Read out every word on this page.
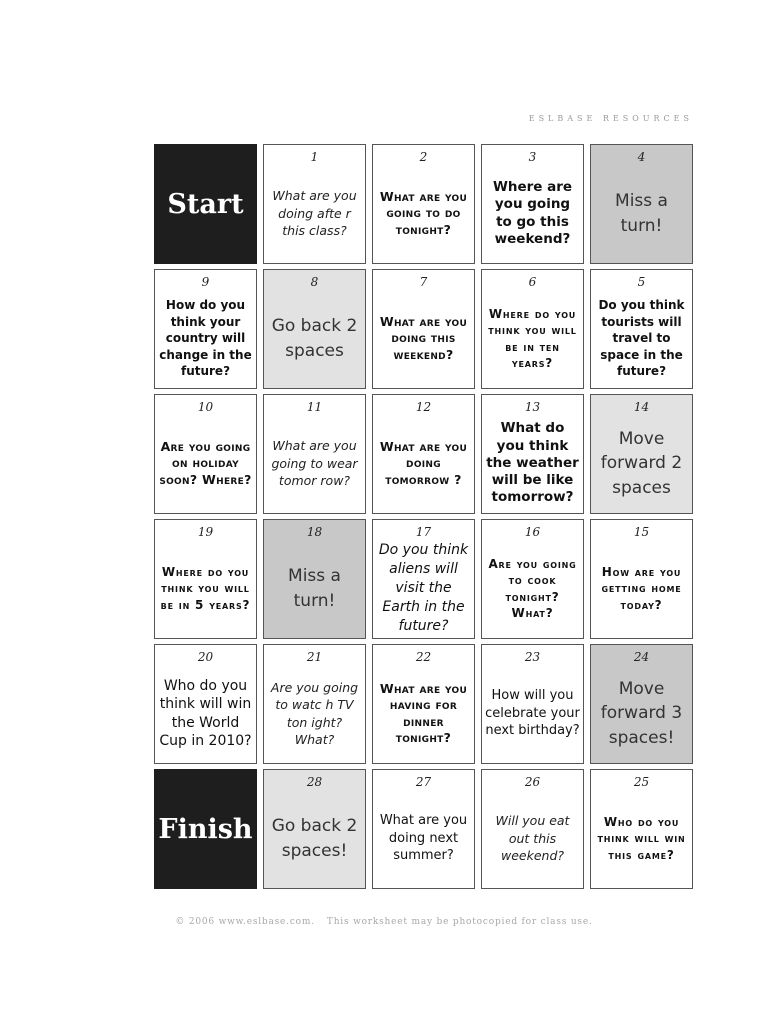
ESLBASE RESOURCES
Start
1
What are you doing afte r this class?
2
What are you going to do tonight?
3
Where are you going to go this weekend?
4
Miss a turn!
9
How do you think your country will change in the future?
8
Go back 2 spaces
7
What are you doing this weekend?
6
Where do you think you will be in ten years?
5
Do you think tourists will travel to space in the future?
10
Are you going on holiday soon? Where?
11
What are you going to wear tomor row?
12
What are you doing tomorrow ?
13
What do you think the weather will be like tomorrow?
14
Move forward 2 spaces
19
Where do you think you will be in 5 years?
18
Miss a turn!
17
Do you think aliens will visit the Earth in the future?
16
Are you going to cook tonight? What?
15
How are you getting home today?
20
Who do you think will win the World Cup in 2010?
21
Are you going to watc h TV ton ight? What?
22
What are you having for dinner tonight?
23
How will you celebrate your next birthday?
24
Move forward 3 spaces!
Finish
28
Go back 2 spaces!
27
What are you doing next summer?
26
Will you eat out this weekend?
25
Who do you think will win this game?
© 2006 www.eslbase.com. This worksheet may be photocopied for class use.
